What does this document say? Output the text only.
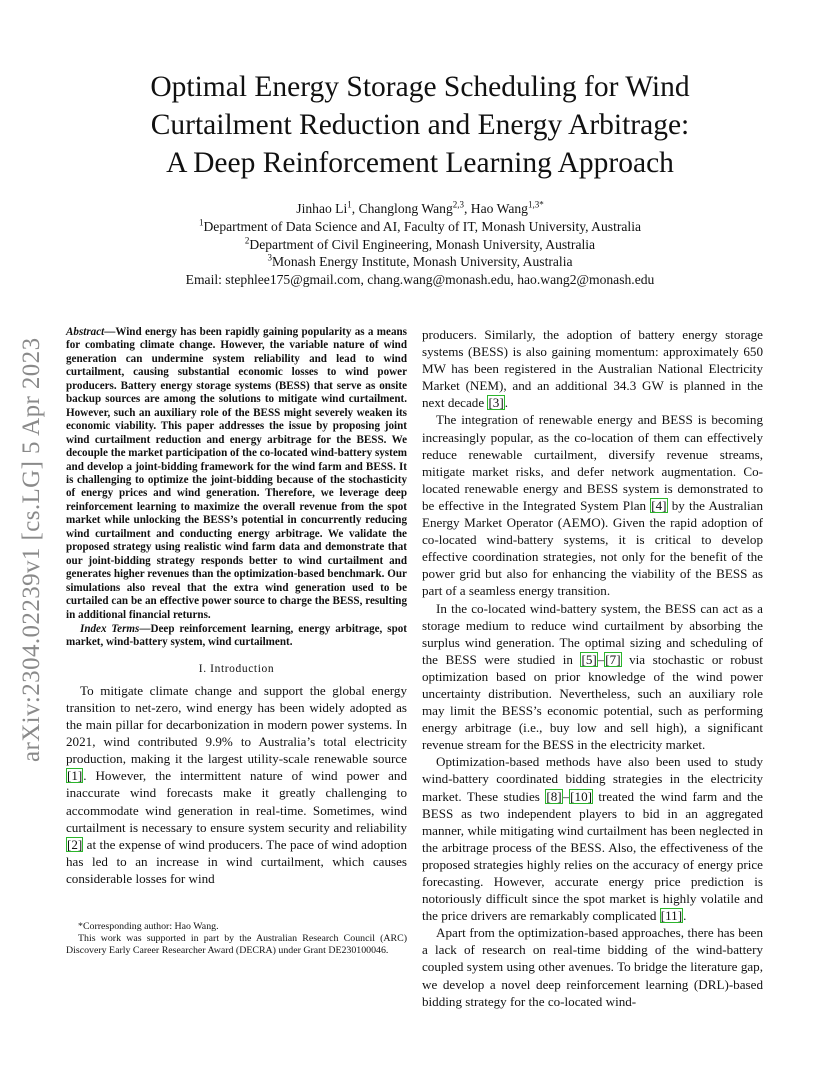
arXiv:2304.02239v1 [cs.LG] 5 Apr 2023
Optimal Energy Storage Scheduling for Wind
Curtailment Reduction and Energy Arbitrage:
A Deep Reinforcement Learning Approach
Jinhao Li$^1$, Changlong Wang$^{2,3}$, Hao Wang$^{1,3*}$
$^1$Department of Data Science and AI, Faculty of IT, Monash University, Australia
$^2$Department of Civil Engineering, Monash University, Australia
$^3$Monash Energy Institute, Monash University, Australia
Email: stephlee175@gmail.com, chang.wang@monash.edu, hao.wang2@monash.edu

Abstract—Wind energy has been rapidly gaining popularity as a means for combating climate change. However, the variable nature of wind generation can undermine system reliability and lead to wind curtailment, causing substantial economic losses to wind power producers. Battery energy storage systems (BESS) that serve as onsite backup sources are among the solutions to mitigate wind curtailment. However, such an auxiliary role of the BESS might severely weaken its economic viability. This paper addresses the issue by proposing joint wind curtailment reduction and energy arbitrage for the BESS. We decouple the market participation of the co-located wind-battery system and develop a joint-bidding framework for the wind farm and BESS. It is challenging to optimize the joint-bidding because of the stochasticity of energy prices and wind generation. Therefore, we leverage deep reinforcement learning to maximize the overall revenue from the spot market while unlocking the BESS’s potential in concurrently reducing wind curtailment and conducting energy arbitrage. We validate the proposed strategy using realistic wind farm data and demonstrate that our joint-bidding strategy responds better to wind curtailment and generates higher revenues than the optimization-based benchmark. Our simulations also reveal that the extra wind generation used to be curtailed can be an effective power source to charge the BESS, resulting in additional financial returns.

Index Terms—Deep reinforcement learning, energy arbitrage, spot market, wind-battery system, wind curtailment.

I. Introduction

To mitigate climate change and support the global energy transition to net-zero, wind energy has been widely adopted as the main pillar for decarbonization in modern power systems. In 2021, wind contributed 9.9% to Australia’s total electricity production, making it the largest utility-scale renewable source [1]. However, the intermittent nature of wind power and inaccurate wind forecasts make it greatly challenging to accommodate wind generation in real-time. Sometimes, wind curtailment is necessary to ensure system security and reliability [2] at the expense of wind producers. The pace of wind adoption has led to an increase in wind curtailment, which causes considerable losses for wind

*Corresponding author: Hao Wang.

This work was supported in part by the Australian Research Council (ARC) Discovery Early Career Researcher Award (DECRA) under Grant DE230100046.

producers. Similarly, the adoption of battery energy storage systems (BESS) is also gaining momentum: approximately 650 MW has been registered in the Australian National Electricity Market (NEM), and an additional 34.3 GW is planned in the next decade [3].

The integration of renewable energy and BESS is becoming increasingly popular, as the co-location of them can effectively reduce renewable curtailment, diversify revenue streams, mitigate market risks, and defer network augmentation. Co-located renewable energy and BESS system is demonstrated to be effective in the Integrated System Plan [4] by the Australian Energy Market Operator (AEMO). Given the rapid adoption of co-located wind-battery systems, it is critical to develop effective coordination strategies, not only for the benefit of the power grid but also for enhancing the viability of the BESS as part of a seamless energy transition.

In the co-located wind-battery system, the BESS can act as a storage medium to reduce wind curtailment by absorbing the surplus wind generation. The optimal sizing and scheduling of the BESS were studied in [5]–[7] via stochastic or robust optimization based on prior knowledge of the wind power uncertainty distribution. Nevertheless, such an auxiliary role may limit the BESS’s economic potential, such as performing energy arbitrage (i.e., buy low and sell high), a significant revenue stream for the BESS in the electricity market.

Optimization-based methods have also been used to study wind-battery coordinated bidding strategies in the electricity market. These studies [8]–[10] treated the wind farm and the BESS as two independent players to bid in an aggregated manner, while mitigating wind curtailment has been neglected in the arbitrage process of the BESS. Also, the effectiveness of the proposed strategies highly relies on the accuracy of energy price forecasting. However, accurate energy price prediction is notoriously difficult since the spot market is highly volatile and the price drivers are remarkably complicated [11].

Apart from the optimization-based approaches, there has been a lack of research on real-time bidding of the wind-battery coupled system using other avenues. To bridge the literature gap, we develop a novel deep reinforcement learning (DRL)-based bidding strategy for the co-located wind-
